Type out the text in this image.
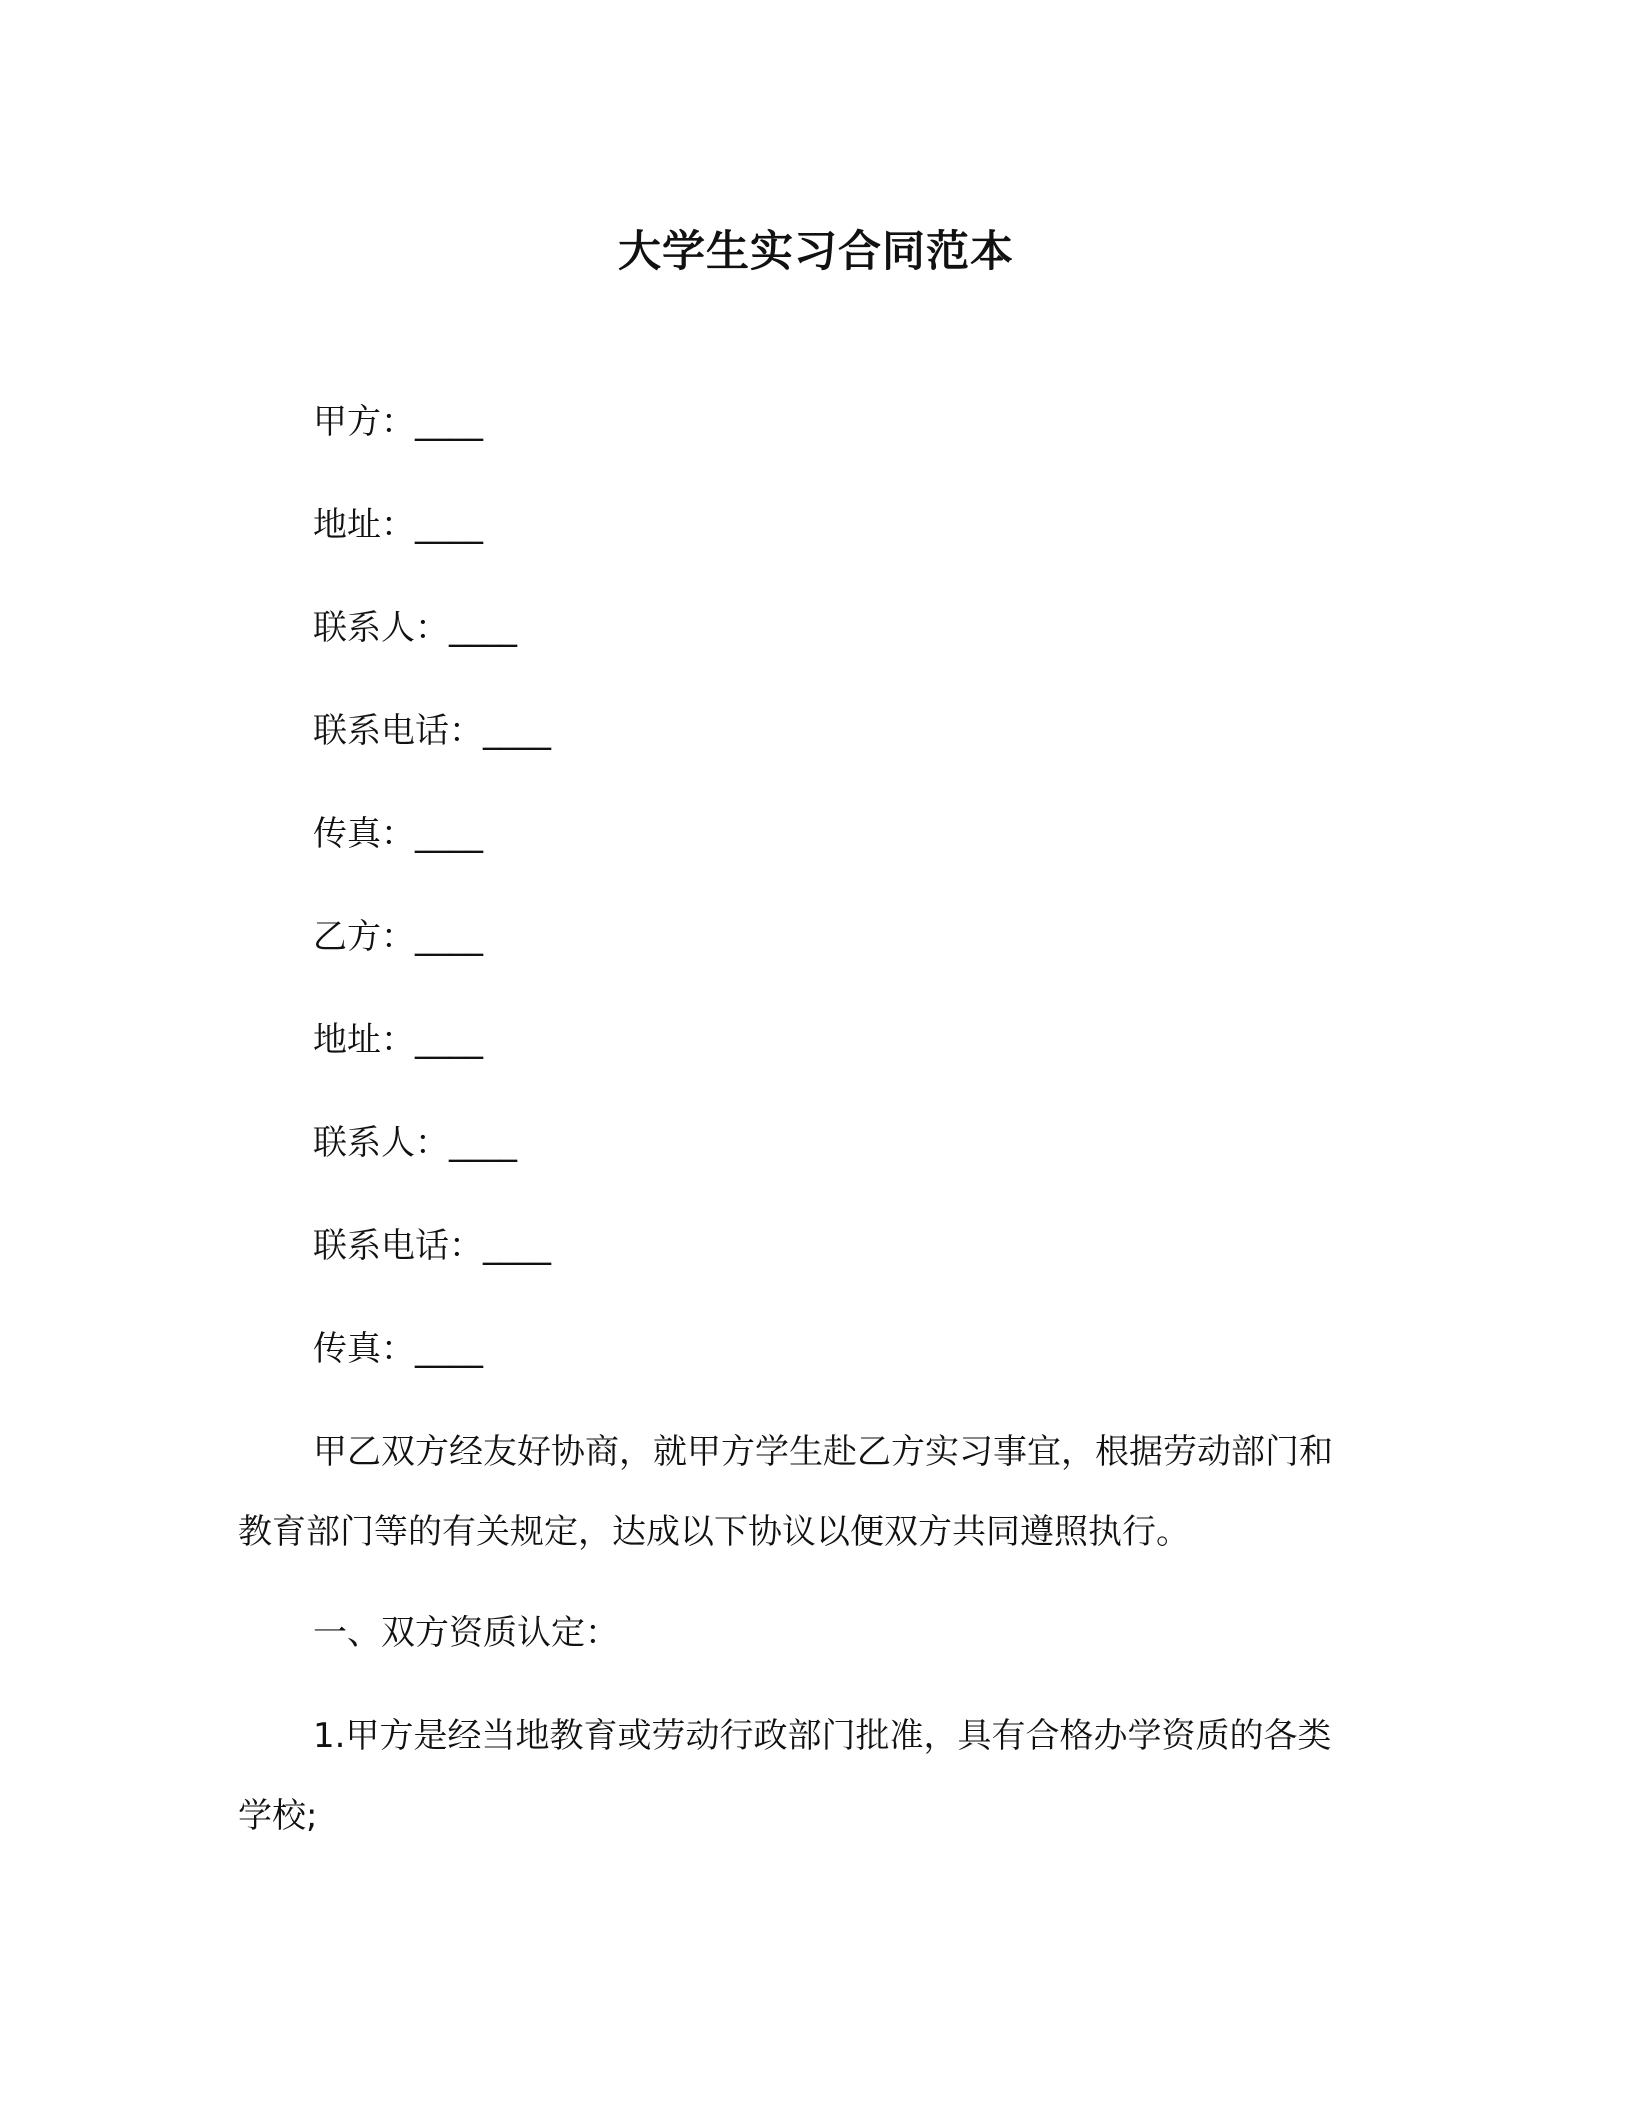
大学生实习合同范本
甲方：____
地址：____
联系人：____
联系电话：____
传真：____
乙方：____
地址：____
联系人：____
联系电话：____
传真：____
甲乙双方经友好协商，就甲方学生赴乙方实习事宜，根据劳动部门和教育部门等的有关规定，达成以下协议以便双方共同遵照执行。
一、双方资质认定：
1.甲方是经当地教育或劳动行政部门批准，具有合格办学资质的各类学校;
